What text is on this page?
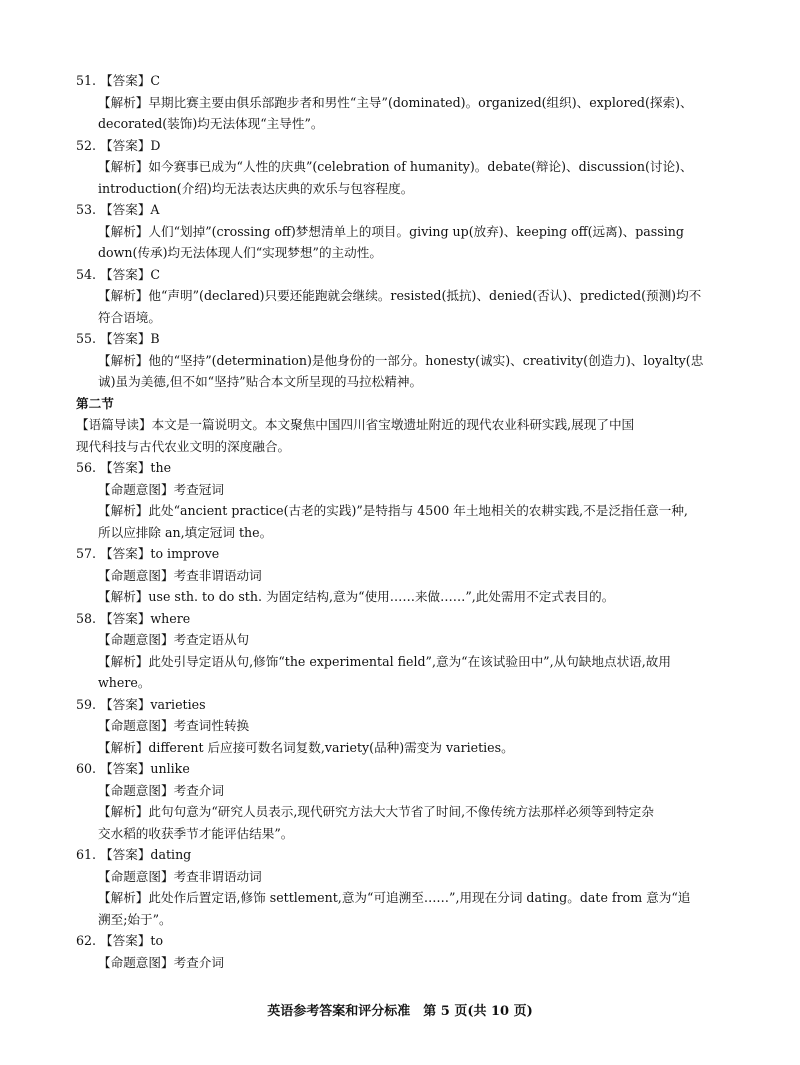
51. 【答案】C
【解析】早期比赛主要由俱乐部跑步者和男性“主导”(dominated)。organized(组织)、explored(探索)、
decorated(装饰)均无法体现“主导性”。
52. 【答案】D
【解析】如今赛事已成为“人性的庆典”(celebration of humanity)。debate(辩论)、discussion(讨论)、
introduction(介绍)均无法表达庆典的欢乐与包容程度。
53. 【答案】A
【解析】人们“划掉”(crossing off)梦想清单上的项目。giving up(放弃)、keeping off(远离)、passing
down(传承)均无法体现人们“实现梦想”的主动性。
54. 【答案】C
【解析】他“声明”(declared)只要还能跑就会继续。resisted(抵抗)、denied(否认)、predicted(预测)均不
符合语境。
55. 【答案】B
【解析】他的“坚持”(determination)是他身份的一部分。honesty(诚实)、creativity(创造力)、loyalty(忠
诚)虽为美德,但不如“坚持”贴合本文所呈现的马拉松精神。
第二节
【语篇导读】本文是一篇说明文。本文聚焦中国四川省宝墩遗址附近的现代农业科研实践,展现了中国
现代科技与古代农业文明的深度融合。
56. 【答案】the
【命题意图】考查冠词
【解析】此处“ancient practice(古老的实践)”是特指与 4500 年土地相关的农耕实践,不是泛指任意一种,
所以应排除 an,填定冠词 the。
57. 【答案】to improve
【命题意图】考查非谓语动词
【解析】use sth. to do sth. 为固定结构,意为“使用……来做……”,此处需用不定式表目的。
58. 【答案】where
【命题意图】考查定语从句
【解析】此处引导定语从句,修饰“the experimental field”,意为“在该试验田中”,从句缺地点状语,故用
where。
59. 【答案】varieties
【命题意图】考查词性转换
【解析】different 后应接可数名词复数,variety(品种)需变为 varieties。
60. 【答案】unlike
【命题意图】考查介词
【解析】此句句意为“研究人员表示,现代研究方法大大节省了时间,不像传统方法那样必须等到特定杂
交水稻的收获季节才能评估结果”。
61. 【答案】dating
【命题意图】考查非谓语动词
【解析】此处作后置定语,修饰 settlement,意为“可追溯至……”,用现在分词 dating。date from 意为“追
溯至;始于”。
62. 【答案】to
【命题意图】考查介词
英语参考答案和评分标准　第 5 页(共 10 页)
